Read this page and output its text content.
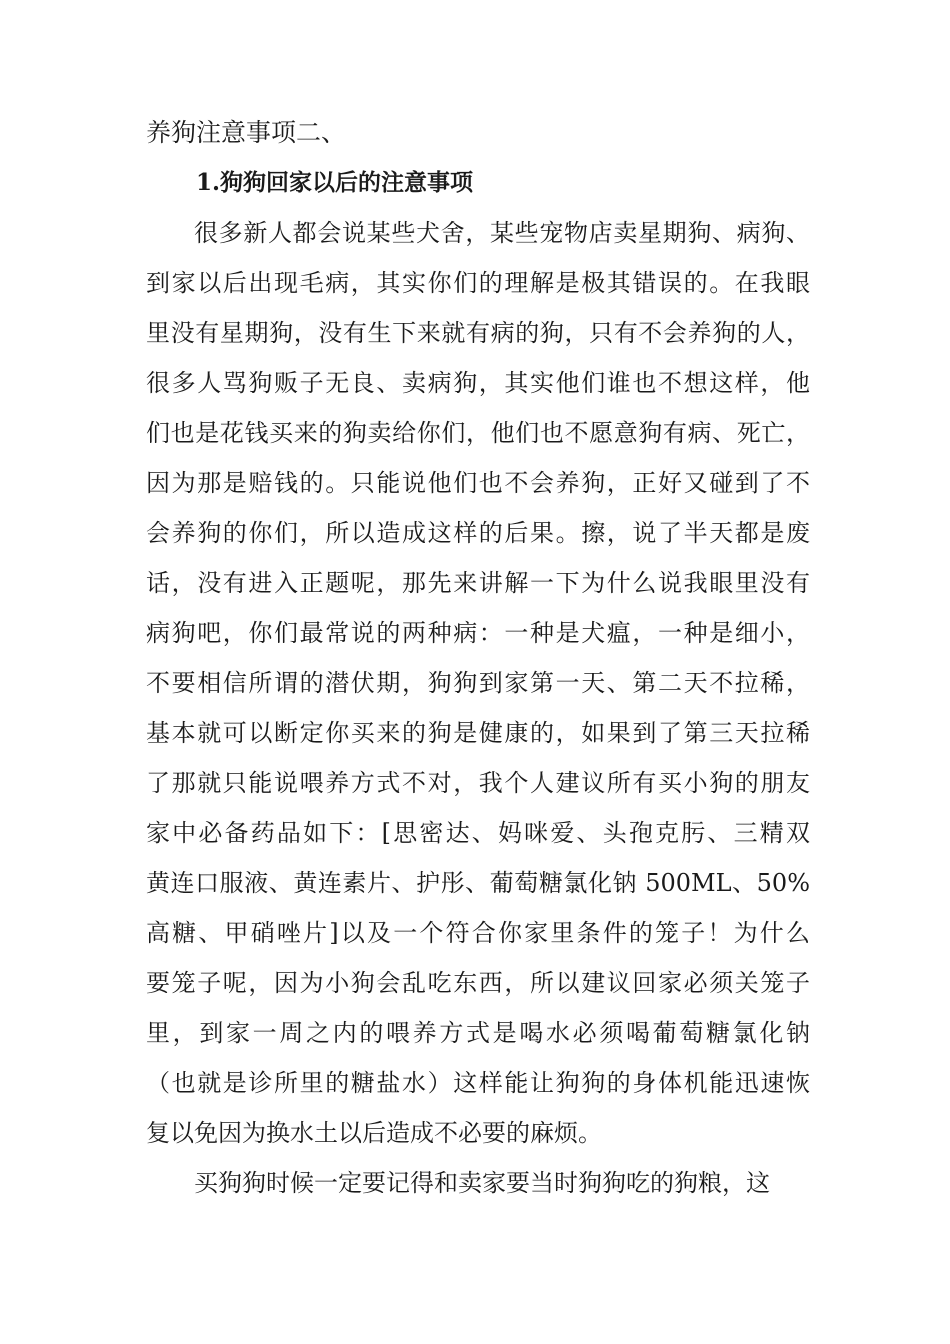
养狗注意事项二、
1.狗狗回家以后的注意事项
很多新人都会说某些犬舍，某些宠物店卖星期狗、病狗、
到家以后出现毛病，其实你们的理解是极其错误的。在我眼
里没有星期狗，没有生下来就有病的狗，只有不会养狗的人，
很多人骂狗贩子无良、卖病狗，其实他们谁也不想这样，他
们也是花钱买来的狗卖给你们，他们也不愿意狗有病、死亡，
因为那是赔钱的。只能说他们也不会养狗，正好又碰到了不
会养狗的你们，所以造成这样的后果。擦，说了半天都是废
话，没有进入正题呢，那先来讲解一下为什么说我眼里没有
病狗吧，你们最常说的两种病：一种是犬瘟，一种是细小，
不要相信所谓的潜伏期，狗狗到家第一天、第二天不拉稀，
基本就可以断定你买来的狗是健康的，如果到了第三天拉稀
了那就只能说喂养方式不对，我个人建议所有买小狗的朋友
家中必备药品如下：[思密达、妈咪爱、头孢克肟、三精双
黄连口服液、黄连素片、护彤、葡萄糖氯化钠 500ML、50%
高糖、甲硝唑片]以及一个符合你家里条件的笼子！为什么
要笼子呢，因为小狗会乱吃东西，所以建议回家必须关笼子
里，到家一周之内的喂养方式是喝水必须喝葡萄糖氯化钠
（也就是诊所里的糖盐水）这样能让狗狗的身体机能迅速恢
复以免因为换水土以后造成不必要的麻烦。
买狗狗时候一定要记得和卖家要当时狗狗吃的狗粮，这
